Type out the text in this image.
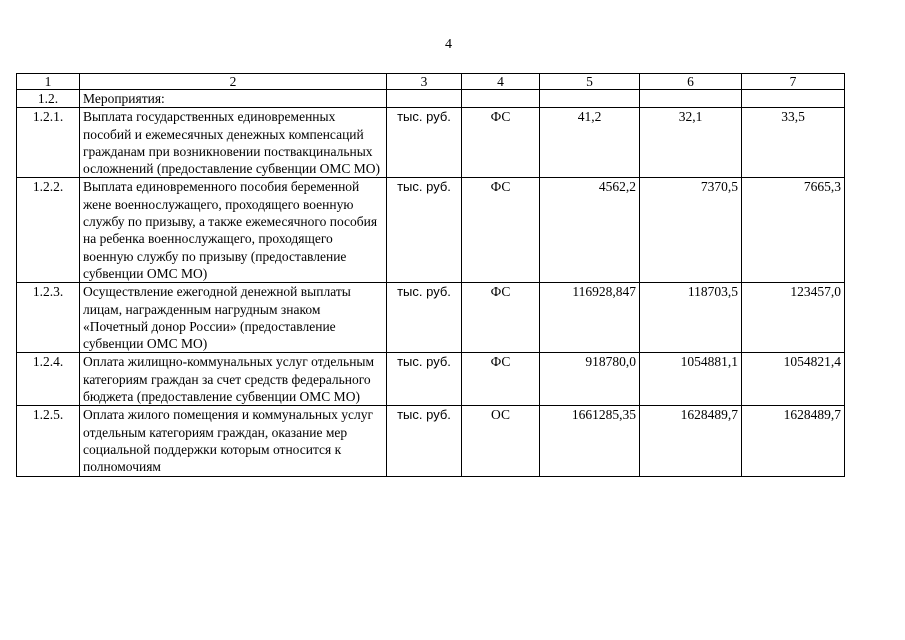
4
1	2	3	4	5	6	7
1.2.	Мероприятия:					
1.2.1.	Выплата государственных единовременных пособий и ежемесячных денежных компенсаций гражданам при возникновении поствакцинальных осложнений (предоставление субвенции ОМС МО)	тыс. руб.	ФС	41,2	32,1	33,5
1.2.2.	Выплата единовременного пособия беременной жене военнослужащего, проходящего военную службу по призыву, а также ежемесячного пособия на ребенка военнослужащего, проходящего военную службу по призыву (предоставление субвенции ОМС МО)	тыс. руб.	ФС	4562,2	7370,5	7665,3
1.2.3.	Осуществление ежегодной денежной выплаты лицам, награжденным нагрудным знаком «Почетный донор России» (предоставление субвенции ОМС МО)	тыс. руб.	ФС	116928,847	118703,5	123457,0
1.2.4.	Оплата жилищно-коммунальных услуг отдельным категориям граждан за счет средств федерального бюджета (предоставление субвенции ОМС МО)	тыс. руб.	ФС	918780,0	1054881,1	1054821,4
1.2.5.	Оплата жилого помещения и коммунальных услуг отдельным категориям граждан, оказание мер социальной поддержки которым относится к полномочиям	тыс. руб.	ОС	1661285,35	1628489,7	1628489,7
